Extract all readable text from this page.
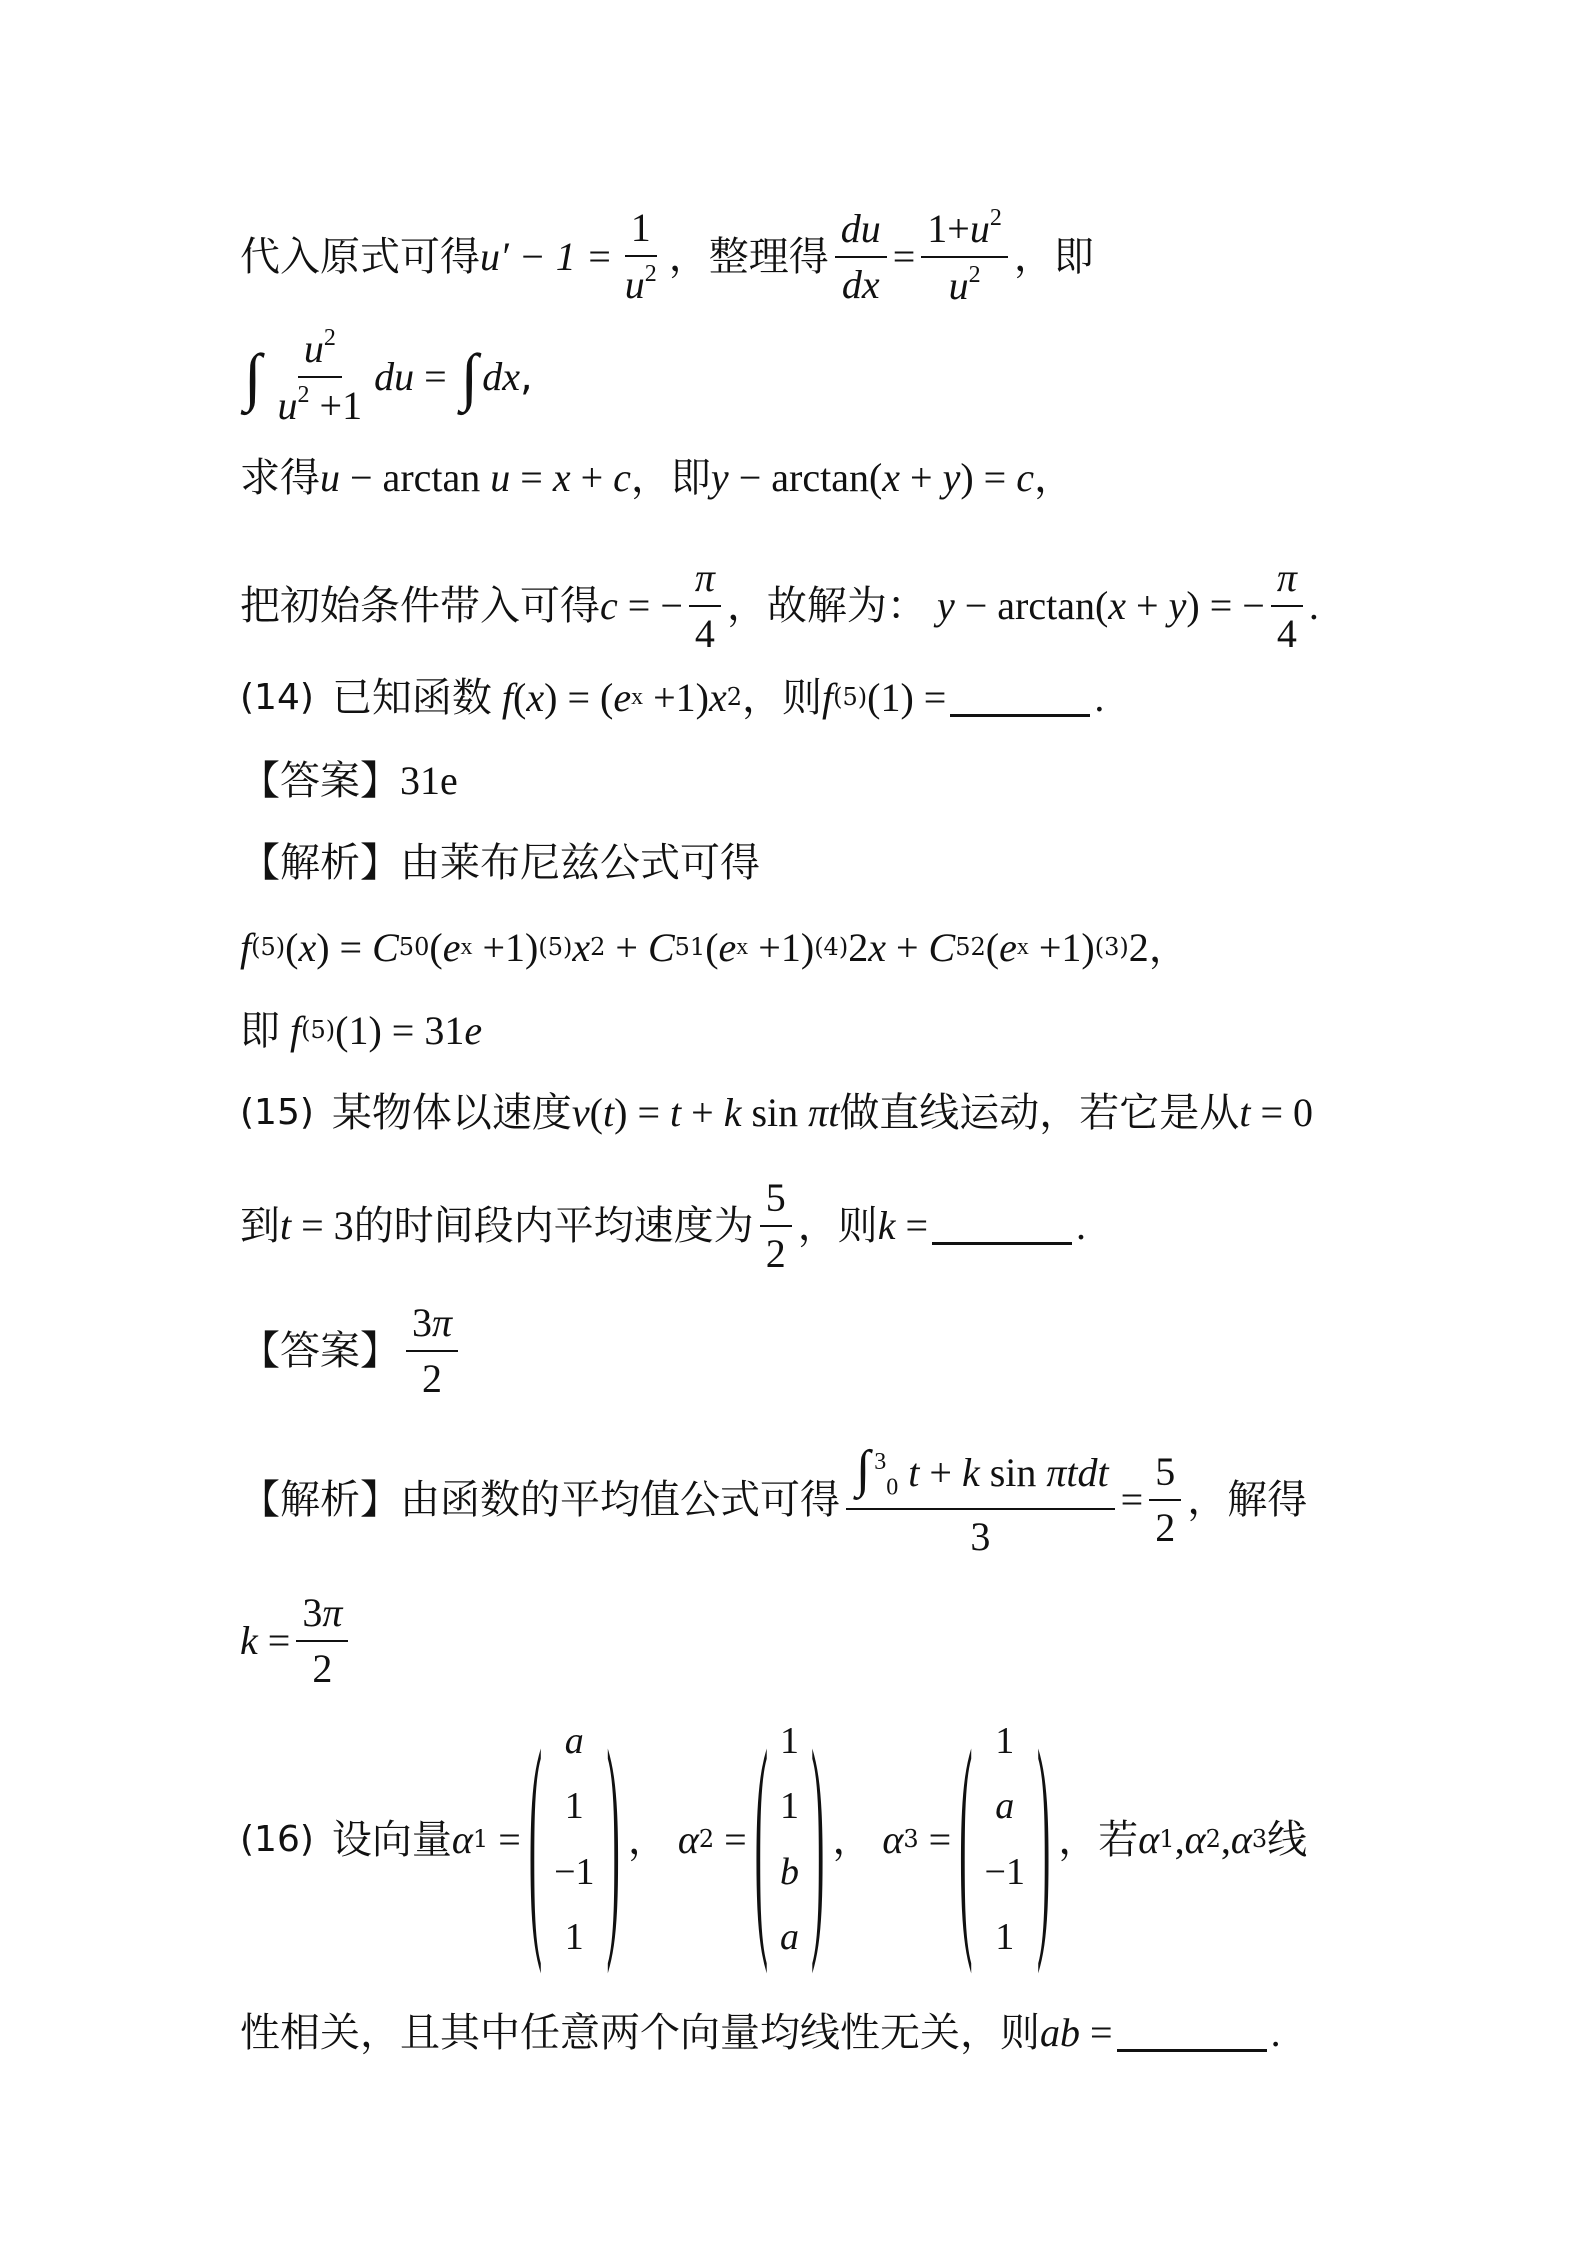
代入原式可得 $u' - 1 = \frac{1}{u^2}$ ，整理得 $\frac{du}{dx} = \frac{1+u^2}{u^2}$ ，即
∫ $\frac{u^2}{u^2 +1}$ du = ∫ dx ,
求得 u − arctan u = x + c ，即 y − arctan( x + y ) = c ，
把初始条件带入可得 c = − $\frac{\pi}{4}$ ，故解为： y − arctan( x + y ) = − $\frac{\pi}{4}$ .
(14) 已知函数 f ( x ) = ( e x +1) x 2 ，则 f (5) (1) =	.
【答案】 31e
【解析】 由莱布尼兹公式可得
f (5) ( x ) = C 5 0 ( e x +1) (5) x 2 + C 5 1 ( e x +1) (4) 2 x + C 5 2 ( e x +1) (3) 2 ，
即 f (5) (1) = 31 e
(15) 某物体以速度 v ( t ) = t + k sin πt 做直线运动，若它是从 t = 0
到 t = 3 的时间段内平均速度为 $\frac{5}{2}$ ，则 k =	.
【答案】 $\frac{3\pi}{2}$
【解析】 由函数的平均值公式可得 $\frac{\int ^3_0 t + k \sin \pi tdt}{3} = \frac{5}{2}$ ，解得
$k = \frac{3\pi}{2}$
(16) 设向量 α 1 = ( a
1
−1
1 ) ， α 2 = ( 1
1
b
a ) ， α 3 = ( 1
a
−1
1 ) ，若 α 1 , α 2 , α 3 线
性相关，且其中任意两个向量均线性无关，则 ab =	.
